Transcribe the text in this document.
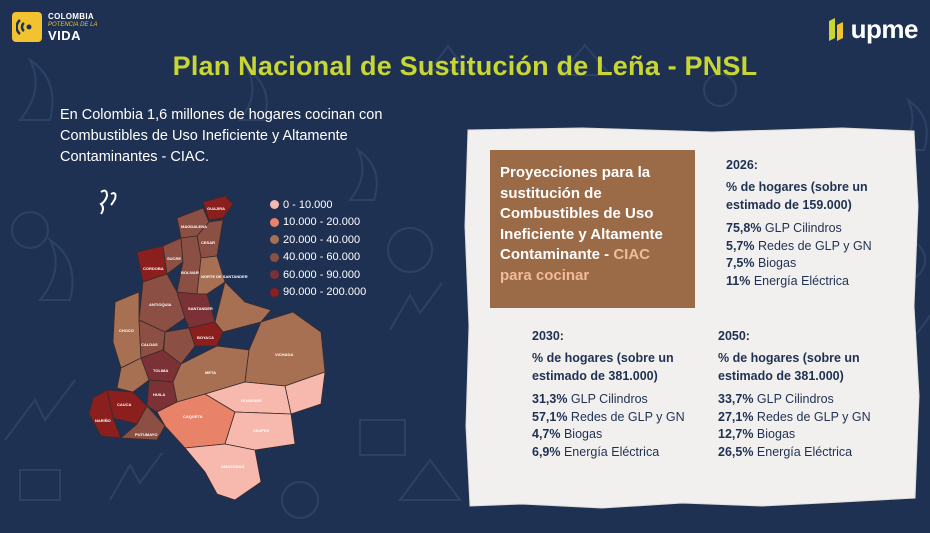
COLOMBIA
POTENCIA DE LA
VIDA	upme
Plan Nacional de Sustitución de Leña - PNSL
En Colombia 1,6 millones de hogares cocinan con Combustibles de Uso Ineficiente y Altamente Contaminantes - CIAC.
GUAJIRA
CESAR
CORDOBA
SUCRE
BOLIVAR
ANTIOQUIA
SANTANDER
CHOCO
BOYACA
CALDAS
TOLIMA
CAUCA
NARIÑO
PUTUMAYO
HUILA
META
VICHADA
CAQUETA
GUAVIARE
VAUPES
AMAZONAS
MAGDALENA
NORTE DE SANTANDER
0 - 10.000
10.000 - 20.000
20.000 - 40.000
40.000 - 60.000
60.000 - 90.000
90.000 - 200.000
Proyecciones para la sustitución de Combustibles de Uso Ineficiente y Altamente Contaminante - CIAC para cocinar
2026:
% de hogares (sobre un estimado de 159.000)
75,8% GLP Cilindros
5,7% Redes de GLP y GN
7,5% Biogas
11% Energía Eléctrica
2030:
% de hogares (sobre un estimado de 381.000)
31,3% GLP Cilindros
57,1% Redes de GLP y GN
4,7% Biogas
6,9% Energía Eléctrica
2050:
% de hogares (sobre un estimado de 381.000)
33,7% GLP Cilindros
27,1% Redes de GLP y GN
12,7% Biogas
26,5% Energía Eléctrica
